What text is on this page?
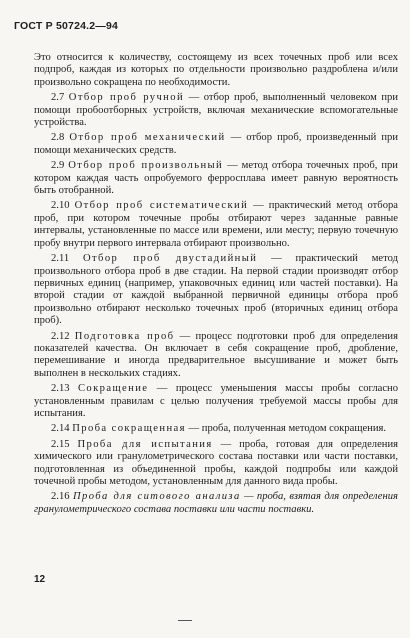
ГОСТ Р 50724.2—94

Это относится к количеству, состоящему из всех точечных проб или всех подпроб, каждая из которых по отдельности произвольно раздроблена и/или произвольно сокращена по необходимости.

2.7 Отбор проб ручной — отбор проб, выполненный человеком при помощи пробоотборных устройств, включая механические вспомогательные устройства.

2.8 Отбор проб механический — отбор проб, произведенный при помощи механических средств.

2.9 Отбор проб произвольный — метод отбора точечных проб, при котором каждая часть опробуемого ферросплава имеет равную вероятность быть отобранной.

2.10 Отбор проб систематический — практический метод отбора проб, при котором точечные пробы отбирают через заданные равные интервалы, установленные по массе или времени, или месту; первую точечную пробу внутри первого интервала отбирают произвольно.

2.11 Отбор проб двустадийный — практический метод произвольного отбора проб в две стадии. На первой стадии производят отбор первичных единиц (например, упаковочных единиц или частей поставки). На второй стадии от каждой выбранной первичной единицы отбора проб произвольно отбирают несколько точечных проб (вторичных единиц отбора проб).

2.12 Подготовка проб — процесс подготовки проб для определения показателей качества. Он включает в себя сокращение проб, дробление, перемешивание и иногда предварительное высушивание и может быть выполнен в нескольких стадиях.

2.13 Сокращение — процесс уменьшения массы пробы согласно установленным правилам с целью получения требуемой массы пробы для испытания.

2.14 Проба сокращенная — проба, полученная методом сокращения.

2.15 Проба для испытания — проба, готовая для определения химического или гранулометрического состава поставки или части поставки, подготовленная из объединенной пробы, каждой подпробы или каждой точечной пробы методом, установленным для данного вида пробы.

2.16 Проба для ситового анализа — проба, взятая для определения гранулометрического состава поставки или части поставки.

12
